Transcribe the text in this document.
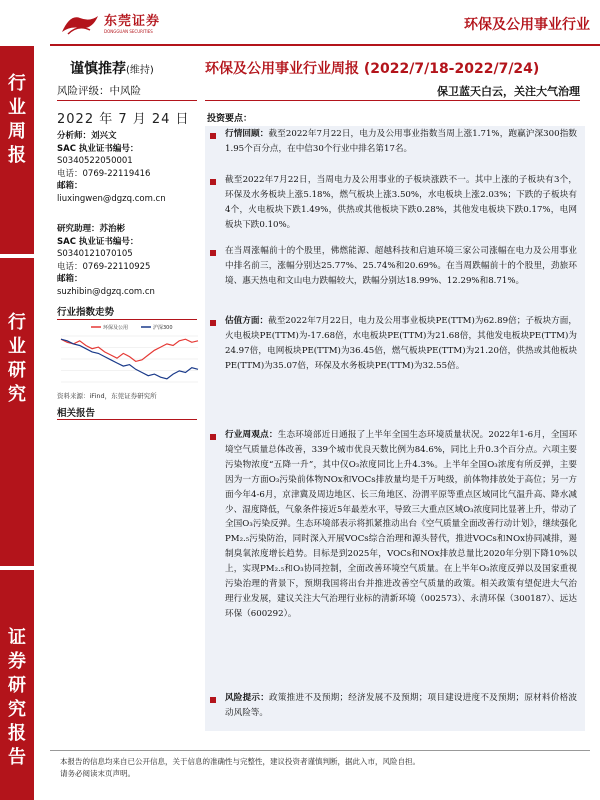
东莞证券
DONGGUAN SECURITIES	环保及公用事业行业
行
业
周
报
行
业
研
究
证
券
研
究
报
告
谨慎推荐(维持)	环保及公用事业行业周报 (2022/7/18-2022/7/24)
风险评级：中风险	保卫蓝天白云，关注大气治理
2022 年 7 月 24 日
分析师：刘兴文
SAC 执业证书编号：
S0340522050001
电话：0769-22119416
邮箱：
liuxingwen@dgzq.com.cn
研究助理：苏治彬
SAC 执业证书编号：
S0340121070105
电话：0769-22110925
邮箱：
suzhibin@dgzq.com.cn
行业指数走势
环保及公用	沪深300
资料来源：iFind，东莞证券研究所
相关报告
投资要点：
行情回顾：截至2022年7月22日，电力及公用事业指数当周上涨1.71%，跑赢沪深300指数1.95个百分点，在中信30个行业中排名第17名。
截至2022年7月22日，当周电力及公用事业的子板块涨跌不一。其中上涨的子板块有3个，环保及水务板块上涨5.18%，燃气板块上涨3.50%，水电板块上涨2.03%；下跌的子板块有4个，火电板块下跌1.49%，供热或其他板块下跌0.28%，其他发电板块下跌0.17%，电网板块下跌0.10%。
在当周涨幅前十的个股里，佛燃能源、超越科技和启迪环境三家公司涨幅在电力及公用事业中排名前三，涨幅分别达25.77%、25.74%和20.69%。在当周跌幅前十的个股里，劲旅环境、惠天热电和文山电力跌幅较大，跌幅分别达18.99%、12.29%和8.71%。
估值方面：截至2022年7月22日，电力及公用事业板块PE(TTM)为62.89倍；子板块方面，火电板块PE(TTM)为-17.68倍，水电板块PE(TTM)为21.68倍，其他发电板块PE(TTM)为24.97倍，电网板块PE(TTM)为36.45倍，燃气板块PE(TTM)为21.20倍，供热或其他板块PE(TTM)为35.07倍，环保及水务板块PE(TTM)为32.55倍。
行业周观点：生态环境部近日通报了上半年全国生态环境质量状况。2022年1-6月，全国环境空气质量总体改善，339个城市优良天数比例为84.6%，同比上升0.3个百分点。六项主要污染物浓度“五降一升”，其中仅O₃浓度同比上升4.3%。上半年全国O₃浓度有所反弹，主要因为一方面O₃污染前体物NOx和VOCs排放量均是千万吨级，前体物排放处于高位；另一方面今年4-6月，京津冀及周边地区、长三角地区、汾渭平原等重点区域同比气温升高、降水减少、湿度降低，气象条件接近5年最差水平，导致三大重点区域O₃浓度同比显著上升，带动了全国O₃污染反弹。生态环境部表示将抓紧推动出台《空气质量全面改善行动计划》，继续强化PM₂.₅污染防治，同时深入开展VOCs综合治理和源头替代，推进VOCs和NOx协同减排，遏制臭氧浓度增长趋势。目标是到2025年，VOCs和NOx排放总量比2020年分别下降10%以上，实现PM₂.₅和O₃协同控制，全面改善环境空气质量。在上半年O₃浓度反弹以及国家重视污染治理的背景下，预期我国将出台并推进改善空气质量的政策。相关政策有望促进大气治理行业发展，建议关注大气治理行业标的清新环境（002573）、永清环保（300187）、远达环保（600292）。
风险提示：政策推进不及预期；经济发展不及预期；项目建设进度不及预期；原材料价格波动风险等。
本报告的信息均来自已公开信息，关于信息的准确性与完整性，建议投资者谨慎判断，据此入市，风险自担。
请务必阅读末页声明。
